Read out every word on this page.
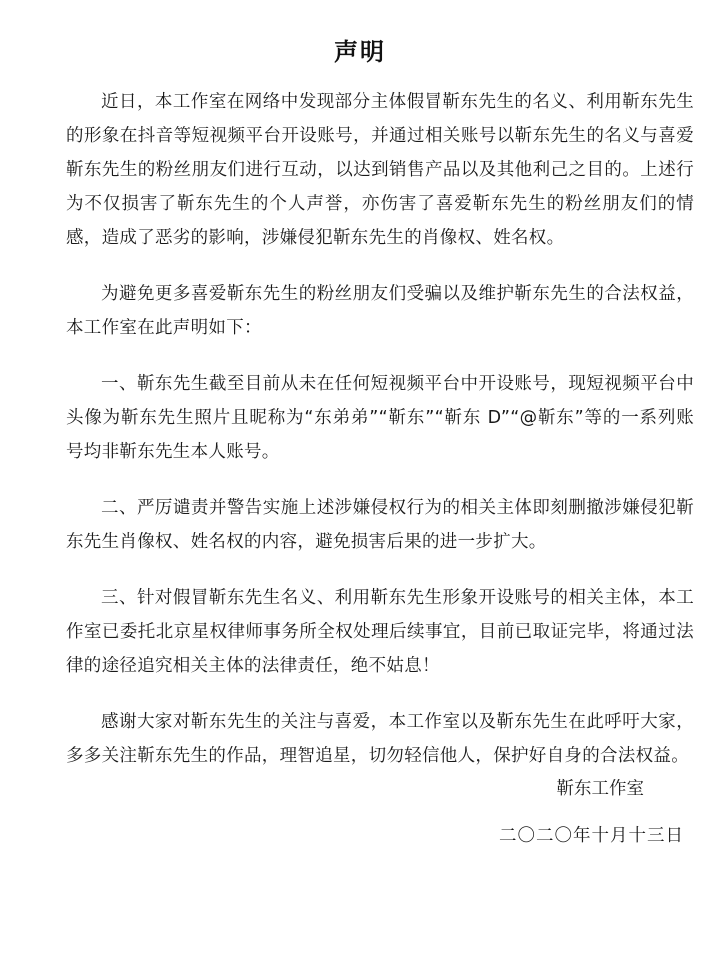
声明

近日，本工作室在网络中发现部分主体假冒靳东先生的名义、利用靳东先生的形象在抖音等短视频平台开设账号，并通过相关账号以靳东先生的名义与喜爱靳东先生的粉丝朋友们进行互动，以达到销售产品以及其他利己之目的。上述行为不仅损害了靳东先生的个人声誉，亦伤害了喜爱靳东先生的粉丝朋友们的情感，造成了恶劣的影响，涉嫌侵犯靳东先生的肖像权、姓名权。

为避免更多喜爱靳东先生的粉丝朋友们受骗以及维护靳东先生的合法权益，本工作室在此声明如下：

一、靳东先生截至目前从未在任何短视频平台中开设账号，现短视频平台中头像为靳东先生照片且昵称为“东弟弟”“靳东”“靳东 D”“@靳东”等的一系列账号均非靳东先生本人账号。

二、严厉谴责并警告实施上述涉嫌侵权行为的相关主体即刻删撤涉嫌侵犯靳东先生肖像权、姓名权的内容，避免损害后果的进一步扩大。

三、针对假冒靳东先生名义、利用靳东先生形象开设账号的相关主体，本工作室已委托北京星权律师事务所全权处理后续事宜，目前已取证完毕，将通过法律的途径追究相关主体的法律责任，绝不姑息！

感谢大家对靳东先生的关注与喜爱，本工作室以及靳东先生在此呼吁大家，多多关注靳东先生的作品，理智追星，切勿轻信他人，保护好自身的合法权益。

靳东工作室

二〇二〇年十月十三日
